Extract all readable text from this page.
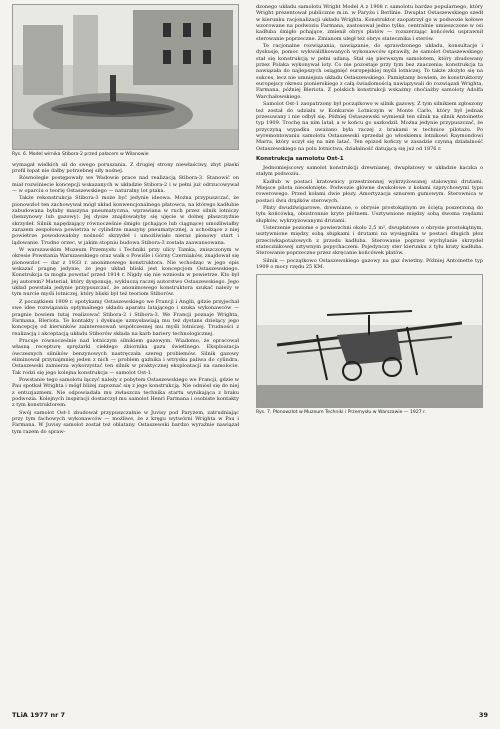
Rys. 6. Model wirnika Stibora-2 przed pałacem w Wilanowie

wymagał wielkich sił do swego poruszania. Z drugiej strony niewłaściwy, zbyt płaski profil łopat nie dałby potrzebnej siły nośnej.

Równolegle postępowały we Wadowie prace nad realizacją Stibora-3. Stanowić on miał rozwiniecie koncepcji wskazanych w układzie Stibora-2 i w pełni już odrzucowywał — w oparciu o teorię Ostaszewskiego — naturalny lot ptaka.

Także rekonstrukcja Stibora-3 może być jedynie ideowa. Można przypuszczać, że pionowzlot ten zachowywał mógł układ konwencjonalnego płatowca, na którego kadłubie zabudowana byłaby maszyna pneumatyczna, wprawiana w ruch przez silnik lotniczy (benzynowy lub gazowy). Jej dysze znajdowałyby się ujęcie w dolnej płaszczyźnie skrzydeł. Silnik napędzający równocześnie śmigło (pchające lub ciągnące) umożliwiałby zarazem zespołowa powietrza w cylindrze maszyny pneumatycznej, a uchodzące z niej powietrze powodowałoby nośność skrzydeł i umożliwiało nieraz pionowy start i lądowanie. Trudno orzec, w jakim stopniu budowa Stibora-3 została zaawansowana.

W warszawskim Muzeum Przemysłu i Techniki przy ulicy Tamka, zniszczonym w okresie Powstania Warszawskiego oraz walk o Powiśle i Górny Czerniaków, znajdował się pionowzlot — dar z 1933 r. anonimowego konstruktora. Nie wchodząc w jego opis wskazać pragnę jedynie, że jego układ bliski jest koncepcjom Ostaszewskiego. Konstrukcja ta mogła powstać przed 1914 r. Nigdy się nie wzniosła w powietrze. Kto był jej autorem? Materiał, który dysponuję, wykluczą raczej autorstwo Ostaszewskiego. Jego układ powstała jedynie przypuszczać, że anonimowego konstruktora szukać należy w tym nurcie myśli lotniczej, który bliski był też teoriom Stiborów.

Z początkiem 1909 r. spotykamy Ostaszewskiego we Francji i Anglii, gdzie przyjechał swe idee rozwiązania optymalnego układu aparatu latającego i szuka wykonawców — pragnie bowiem tutaj realizować Stibora-2 i Stibora-3. We Francji poznaje Wrighta, Farmana, Bleriota. Te kontakty i dyskusje uzmysławiają mu też dystans dzielący jego koncepcję od kierunków zainteresowań współczesnej mu myśli lotniczej. Trudności z realizacją i akceptacją układu Stiborów składa na karb bariery technologicznej.

Pracuje równocześnie nad lotniczym silnikiem gazowym. Wiadomo, że opracował własną recepturę sprężarki ciekłego zbiornika gazu świetlnego. Eksploatacja ówczesnych silników benzynowych nastręczała szereg problemów. Silnik gazowy eliminował przynajmniej jeden z nich — problem gaźnika i wtrysku paliwa do cylindra. Ostaszewski zamierza wykorzystać ten silnik w praktycznej eksploatacji na samolocie. Tak rodzi się jego kolejna konstrukcja — samolot Ost-1.

Powstanie tego samolotu łączyć należy z pobytem Ostaszewskiego we Francji, gdzie w Pau spotkał Wrighta i mógł bliżej zapoznać się z jego konstrukcją. Nie odniósł się do niej z entuzjazmem. Nie odpowiadała mu zwłaszcza technika startu wynikająca z braku podwozia. Kolejnych inspiracji dostarczył mu samolot Henri Farmana i osobiste kontakty z tym konstruktorem.

Swój samolot Ost-1 zbudował przypuszczalnie w Juvisy pod Paryżem, zatrudniając przy tym fachowych wykonawców — możliwe, że z kręgu wytwórni Wrighta w Pau i Farmana. W Juvisy samolot został też oblatany. Ostaszewski bardzo wyraźnie nawiązał tym razem do spraw-

dzonego układu samolotu Wright Model A z 1908 r. samolotu bardzo popularnego, który Wright prezentował publicznie m.in. w Paryżu i Berlinie. Dwupłat Ostaszewskiego szedł w kierunku racjonalizacji układu Wrighta. Konstruktor zaopatrzył go w podwozie kołowe wzorowane na podwoziu Farmana, zastosował jedno tylko, centralnie umieszczone w osi kadłuba śmigło pchające, zmienił obrys płatów — rozszerzając końcówki usprawnił sterowanie poprzeczne. Zmianom uległ też obrys statecznika i sterów.

Te racjonalne rozwiązania, nawiązanie, do sprawdzonego układu, konsultacje i dyskusje, pomoc wykwalifikowanych wykonawców sprawiły, że samolot Ostaszewskiego stał się konstrukcją w pełni udaną. Stał się pierwszym samolotem, który zbudowany przez Polaka wykonywał loty. Co nie pozostaje przy tym bez znaczenia; konstrukcja ta nawiązała do najlepszych osiągnięć europejskiej myśli lotniczej. To także złożyło się na sukces, lecz nie umniejsza układu Ostaszewskiego. Pamiętamy bowiem, że konstruktorzy europejscy okresu pionierskiego z całą świadomością nawiązywali do rozwiązań Wrighta, Farmana, później Bleriota. Z polskich konstrukcji wskażmy choćiażby samoloty Adolfa Warchałowskiego.

Samolot Ost-1 zaopatrzony był początkowo w silnik gazowy. Z tym silnikiem zgłoszony też został do udziału w Konkursie Lotniczym w Monte Carlo, który był jednak przesuwany i nie odbył się. Później Ostaszewski wymienił ten silnik na silnik Antoinette typ 1909. Trochę na nim latał, a w końcu go uszkodził. Można jedynie przypuszczać, że przyczyną wypadku uważano była raczej z brakami w technice pilotażu. Po wyremontowaniu samolotu Ostaszewski sprzedał go włoskiemu lotnikowi Raymondowi Marra, który uczył się na nim latać. Ten epizod kończy w zasadzie czynną działalność Ostaszewskiego na polu lotnictwa, działalność datującą się już od 1876 r.

Konstrukcja samolotu Ost-1

Jednomiejscowy samolot konstrukcji drewnianej, dwupłatowy w układzie kaczka o stałym podwoziu.

Kadłub w postaci kratownicy przestrzennej wykrzyżowanej stalowymi drutami. Miejsce pilota nieosłonięte. Podwozie główne dwukołowe z kołami szprychowymi typu rowerowego. Przed kołami dwie płozy. Amortyzacja sznurem gumowym. Sterownica w postaci dwu drążków sterowych.

Płaty dwudźwigarowe, drewniane, o obrysie prostokątnym ze ściętą poszerzoną do tyłu końcówką, obustronnie kryte płótnem. Usztywnione między sobą dwoma rzędami słupków, wykrzyżowanymi drutami.

Usterzenie poziome o powierzchni około 2,5 m², dwupłatowe o obrysie prostokątnym, usztywnione między sobą słupkami i drutami na wysięgniku w postaci długich płoz przeciwkapotażowych z przodu kadłuba. Sterowanie poprzez wychylanie skrzydeł statecznikowej sztywnym popychaczem. Pojedynczy ster kierunku z tyłu kraty kadłuba. Sterowanie poprzeczne przez skręcanie końcówek płatów.

Silnik — początkowo Ostaszewskiego gazowy na gaz świetlny. Później Antoinette typ 1909 o mocy rzędu 25 KM.

Rys. 7. Płonowzlot w Muzeum Techniki i Przemysłu w Warszawie — 1927 r.
TLiA 1977 nr 7	39
